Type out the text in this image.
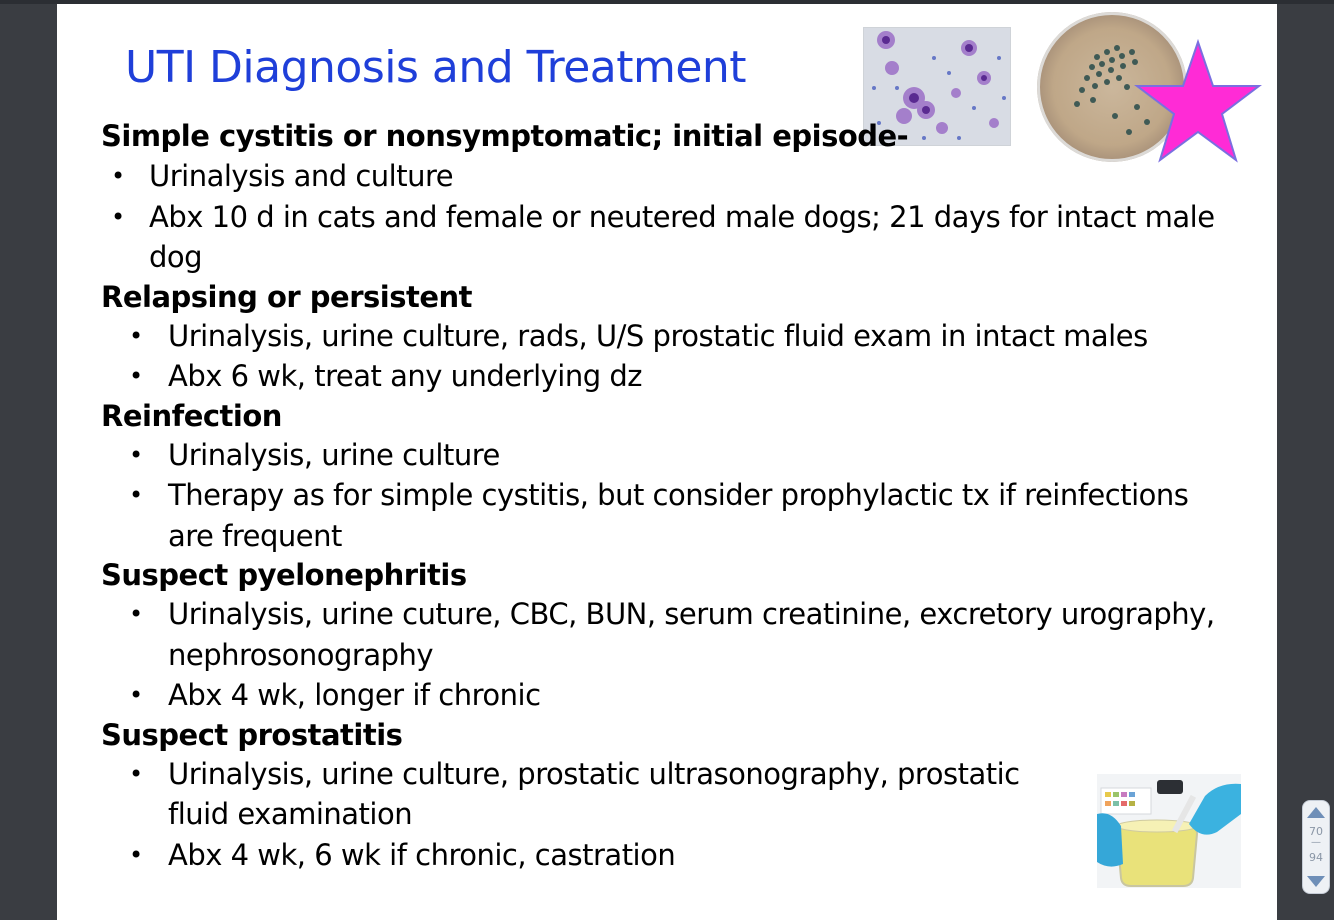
UTI Diagnosis and Treatment
Simple cystitis or nonsymptomatic; initial episode-
• Urinalysis and culture
• Abx 10 d in cats and female or neutered male dogs; 21 days for intact male dog
Relapsing or persistent
• Urinalysis, urine culture, rads, U/S prostatic fluid exam in intact males
• Abx 6 wk, treat any underlying dz
Reinfection
• Urinalysis, urine culture
• Therapy as for simple cystitis, but consider prophylactic tx if reinfections are frequent
Suspect pyelonephritis
• Urinalysis, urine cuture, CBC, BUN, serum creatinine, excretory urography, nephrosonography
• Abx 4 wk, longer if chronic
Suspect prostatitis
• Urinalysis, urine culture, prostatic ultrasonography, prostatic fluid examination
• Abx 4 wk, 6 wk if chronic, castration
70
—
94
